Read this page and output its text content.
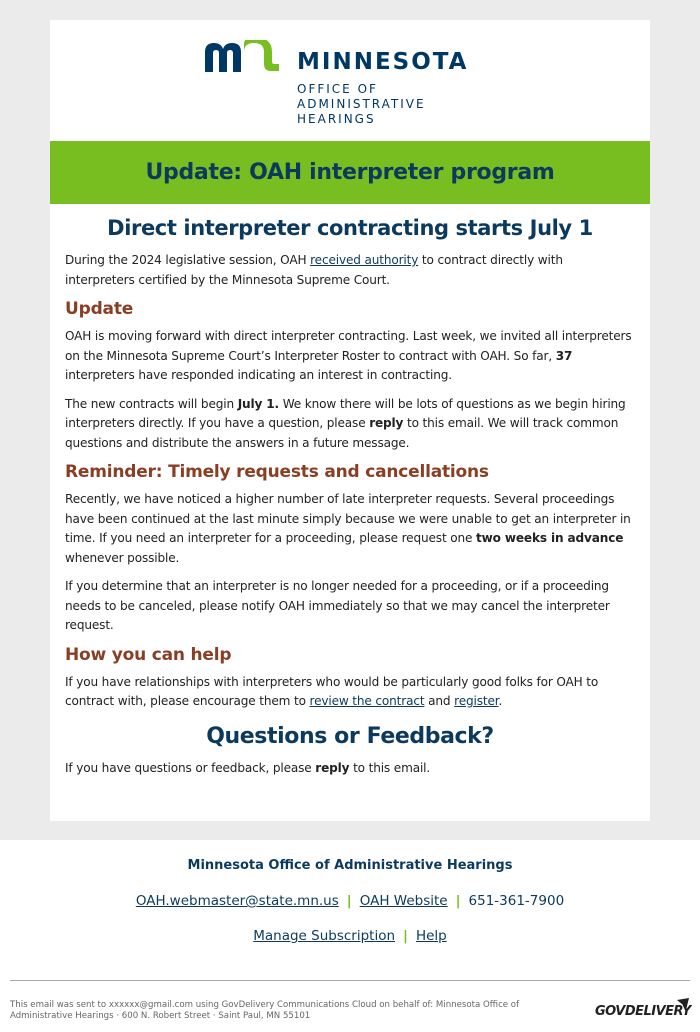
MINNESOTA
OFFICE OF
ADMINISTRATIVE
HEARINGS
Update: OAH interpreter program
Direct interpreter contracting starts July 1

During the 2024 legislative session, OAH received authority to contract directly with interpreters certified by the Minnesota Supreme Court.

Update

OAH is moving forward with direct interpreter contracting. Last week, we invited all interpreters on the Minnesota Supreme Court’s Interpreter Roster to contract with OAH. So far, 37 interpreters have responded indicating an interest in contracting.

The new contracts will begin July 1. We know there will be lots of questions as we begin hiring interpreters directly. If you have a question, please reply to this email. We will track common questions and distribute the answers in a future message.

Reminder: Timely requests and cancellations

Recently, we have noticed a higher number of late interpreter requests. Several proceedings have been continued at the last minute simply because we were unable to get an interpreter in time. If you need an interpreter for a proceeding, please request one two weeks in advance whenever possible.

If you determine that an interpreter is no longer needed for a proceeding, or if a proceeding needs to be canceled, please notify OAH immediately so that we may cancel the interpreter request.

How you can help

If you have relationships with interpreters who would be particularly good folks for OAH to contract with, please encourage them to review the contract and register.

Questions or Feedback?

If you have questions or feedback, please reply to this email.

Minnesota Office of Administrative Hearings
OAH.webmaster@state.mn.us | OAH Website | 651-361-7900
Manage Subscription | Help
This email was sent to xxxxxx@gmail.com using GovDelivery Communications Cloud on behalf of: Minnesota Office of Administrative Hearings · 600 N. Robert Street · Saint Paul, MN 55101	GOVDELIVERY
